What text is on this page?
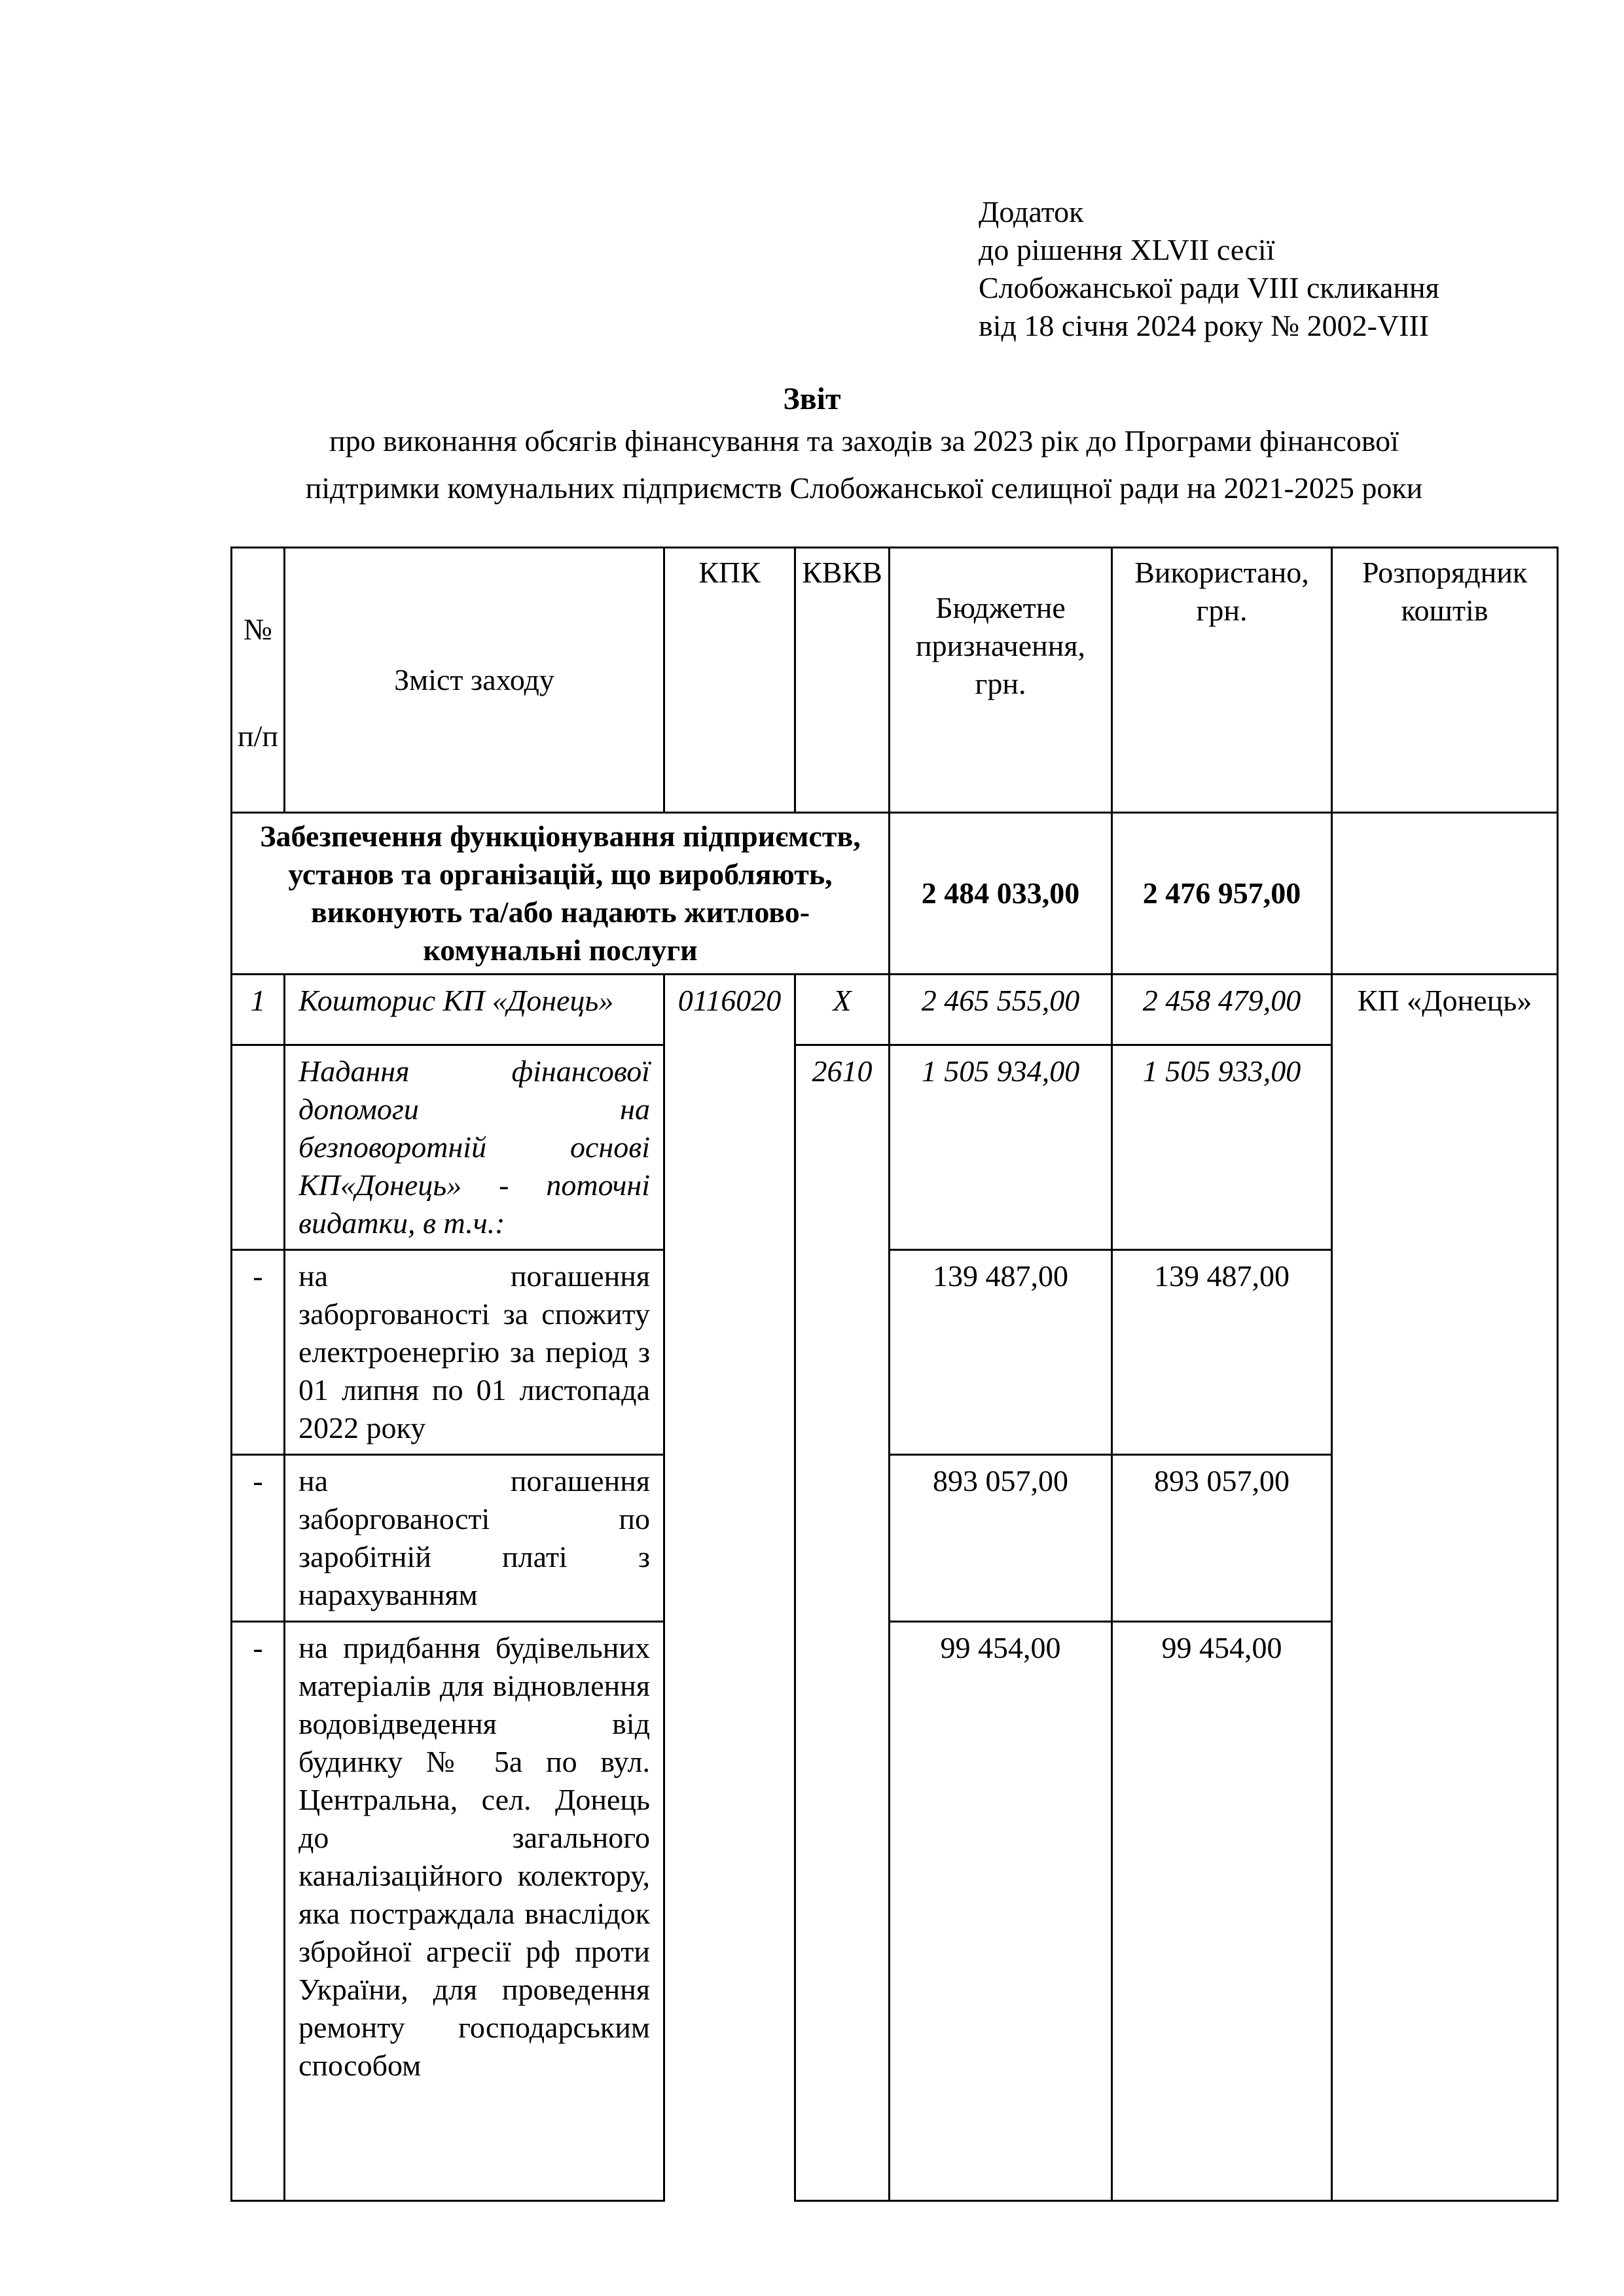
Додаток
до рішення XLVII сесії
Слобожанської ради VIII скликання
від 18 січня 2024 року № 2002-VIII
Звіт
про виконання обсягів фінансування та заходів за 2023 рік до Програми фінансової
підтримки комунальних підприємств Слобожанської селищної ради на 2021-2025 роки
№
п/п	Зміст заходу	КПК	КВКВ	Бюджетне призначення, грн.	Використано, грн.	Розпорядник коштів
Забезпечення функціонування підприємств, установ та організацій, що виробляють, виконують та/або надають житлово-комунальні послуги				2 484 033,00	2 476 957,00	
1	Кошторис КП «Донець»	0116020	Х	2 465 555,00	2 458 479,00	КП «Донець»
	Надання фінансової допомоги на безповоротній основі КП«Донець» - поточні видатки, в т.ч.:		2610	1 505 934,00	1 505 933,00	
-	на погашення заборгованості за спожиту електроенергію за період з 01 липня по 01 листопада 2022 року			139 487,00	139 487,00	
-	на погашення заборгованості по заробітній платі з нарахуванням			893 057,00	893 057,00	
-	на придбання будівельних матеріалів для відновлення водовідведення від будинку № 5а по вул. Центральна, сел. Донець до загального каналізаційного колектору, яка постраждала внаслідок збройної агресії рф проти України, для проведення ремонту господарським способом			99 454,00	99 454,00	
